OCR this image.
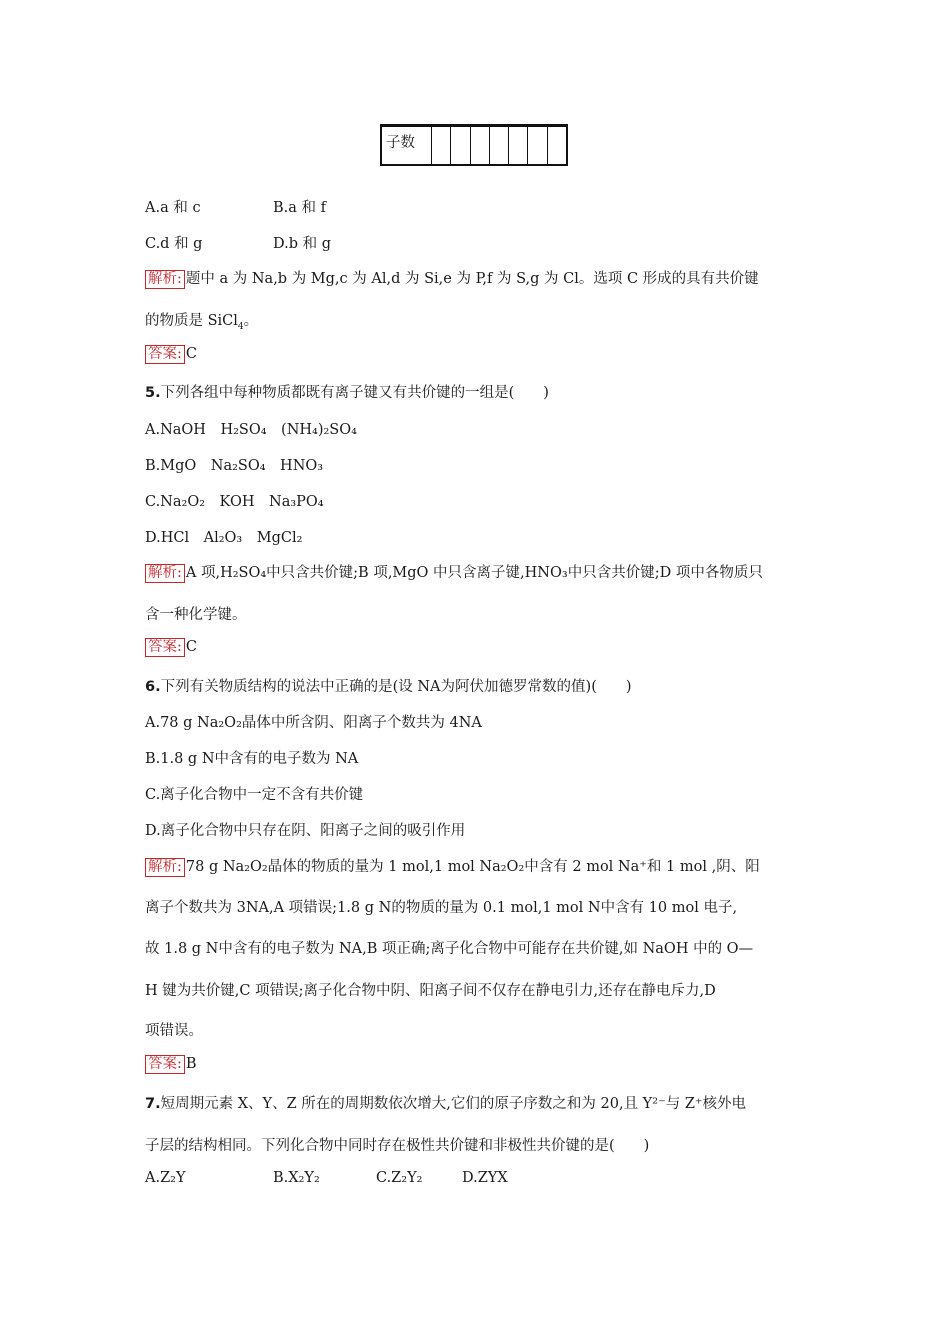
子数
A.a 和 c	B.a 和 f
C.d 和 g	D.b 和 g
解析: 题中 a 为 Na,b 为 Mg,c 为 Al,d 为 Si,e 为 P,f 为 S,g 为 Cl。选项 C 形成的具有共价键
的物质是 SiCl$_4$。
答案: C
5.下列各组中每种物质都既有离子键又有共价键的一组是(　　)
A.NaOH　H₂SO₄　(NH₄)₂SO₄
B.MgO　Na₂SO₄　HNO₃
C.Na₂O₂　KOH　Na₃PO₄
D.HCl　Al₂O₃　MgCl₂
解析: A 项,H₂SO₄中只含共价键;B 项,MgO 中只含离子键,HNO₃中只含共价键;D 项中各物质只
含一种化学键。
答案: C
6.下列有关物质结构的说法中正确的是(设 NA为阿伏加德罗常数的值)(　　)
A.78 g Na₂O₂晶体中所含阴、阳离子个数共为 4NA
B.1.8 g N中含有的电子数为 NA
C.离子化合物中一定不含有共价键
D.离子化合物中只存在阴、阳离子之间的吸引作用
解析: 78 g Na₂O₂晶体的物质的量为 1 mol,1 mol Na₂O₂中含有 2 mol Na⁺和 1 mol ,阴、阳
离子个数共为 3NA,A 项错误;1.8 g N的物质的量为 0.1 mol,1 mol N中含有 10 mol 电子,
故 1.8 g N中含有的电子数为 NA,B 项正确;离子化合物中可能存在共价键,如 NaOH 中的 O—
H 键为共价键,C 项错误;离子化合物中阴、阳离子间不仅存在静电引力,还存在静电斥力,D
项错误。
答案: B
7.短周期元素 X、Y、Z 所在的周期数依次增大,它们的原子序数之和为 20,且 Y²⁻与 Z⁺核外电
子层的结构相同。下列化合物中同时存在极性共价键和非极性共价键的是(　　)
A.Z₂Y	B.X₂Y₂	C.Z₂Y₂	D.ZYX
